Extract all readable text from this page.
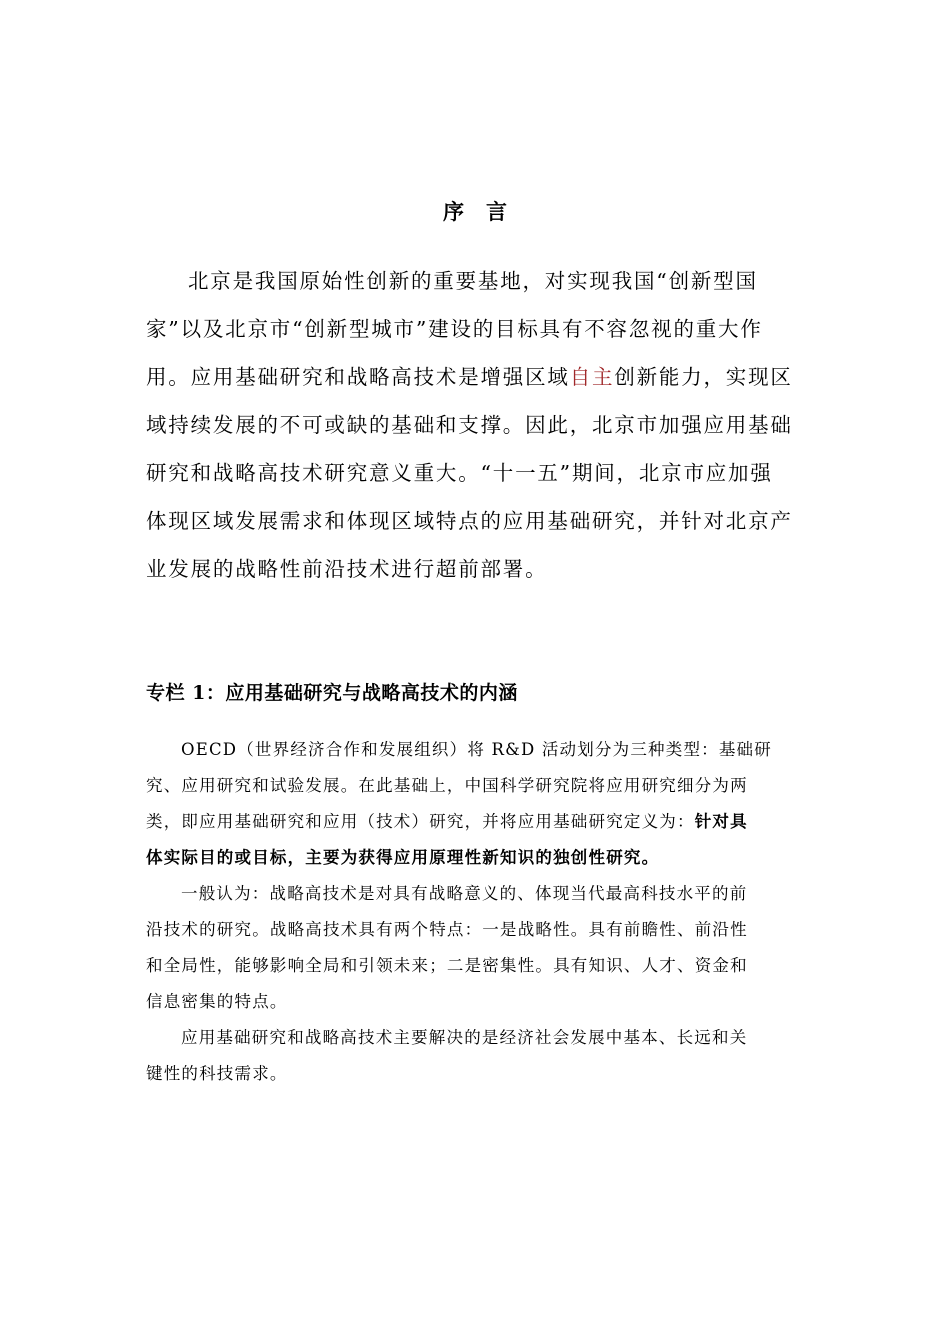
序 言
北京是我国原始性创新的重要基地，对实现我国“创新型国
家”以及北京市“创新型城市”建设的目标具有不容忽视的重大作
用。应用基础研究和战略高技术是增强区域自主创新能力，实现区
域持续发展的不可或缺的基础和支撑。因此，北京市加强应用基础
研究和战略高技术研究意义重大。“十一五”期间，北京市应加强
体现区域发展需求和体现区域特点的应用基础研究，并针对北京产
业发展的战略性前沿技术进行超前部署。
专栏 1：应用基础研究与战略高技术的内涵
OECD（世界经济合作和发展组织）将 R&D 活动划分为三种类型：基础研
究、应用研究和试验发展。在此基础上，中国科学研究院将应用研究细分为两
类，即应用基础研究和应用（技术）研究，并将应用基础研究定义为：针对具
体实际目的或目标，主要为获得应用原理性新知识的独创性研究。
一般认为：战略高技术是对具有战略意义的、体现当代最高科技水平的前
沿技术的研究。战略高技术具有两个特点：一是战略性。具有前瞻性、前沿性
和全局性，能够影响全局和引领未来；二是密集性。具有知识、人才、资金和
信息密集的特点。
应用基础研究和战略高技术主要解决的是经济社会发展中基本、长远和关
键性的科技需求。
